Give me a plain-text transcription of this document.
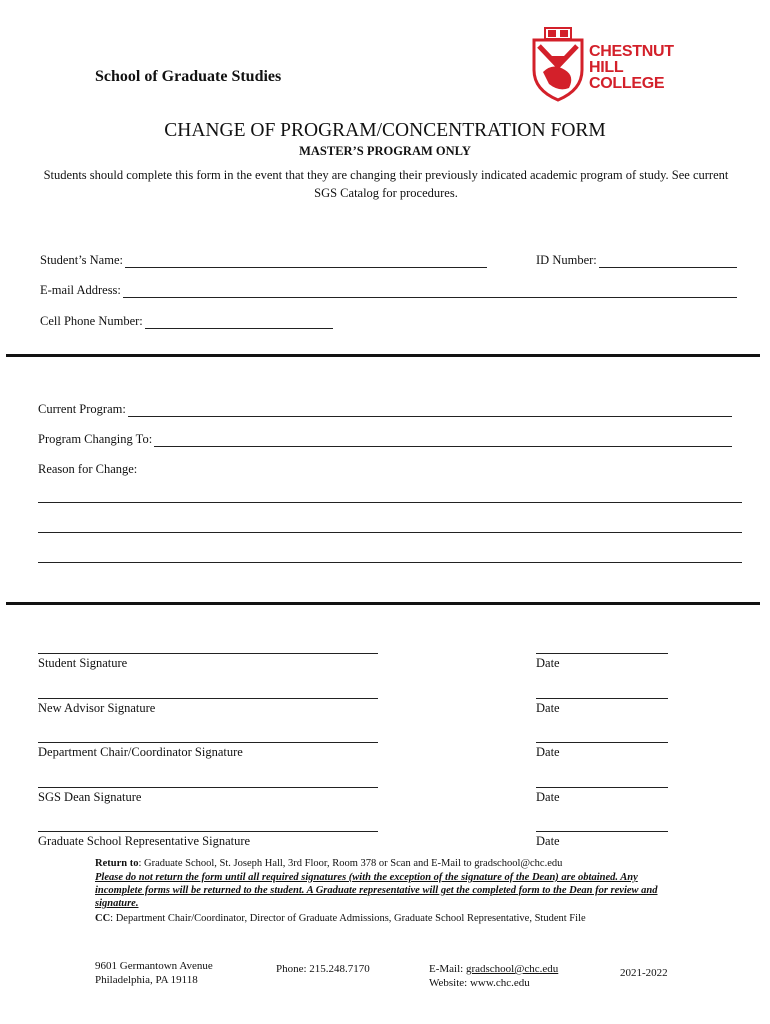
School of Graduate Studies
CHESTNUT
HILL
COLLEGE
CHANGE OF PROGRAM/CONCENTRATION FORM
MASTER’S PROGRAM ONLY
Students should complete this form in the event that they are changing their previously indicated academic program of study. See current SGS Catalog for procedures.
Student’s Name:	ID Number:
E-mail Address:
Cell Phone Number:
Current Program:
Program Changing To:
Reason for Change:
Student Signature	Date
New Advisor Signature	Date
Department Chair/Coordinator Signature	Date
SGS Dean Signature	Date
Graduate School Representative Signature	Date
Return to: Graduate School, St. Joseph Hall, 3rd Floor, Room 378 or Scan and E-Mail to gradschool@chc.edu
Please do not return the form until all required signatures (with the exception of the signature of the Dean) are obtained. Any incomplete forms will be returned to the student. A Graduate representative will get the completed form to the Dean for review and signature.
CC: Department Chair/Coordinator, Director of Graduate Admissions, Graduate School Representative, Student File
9601 Germantown Avenue
Philadelphia, PA 19118
Phone: 215.248.7170	E-Mail: gradschool@chc.edu
Website: www.chc.edu
2021-2022
